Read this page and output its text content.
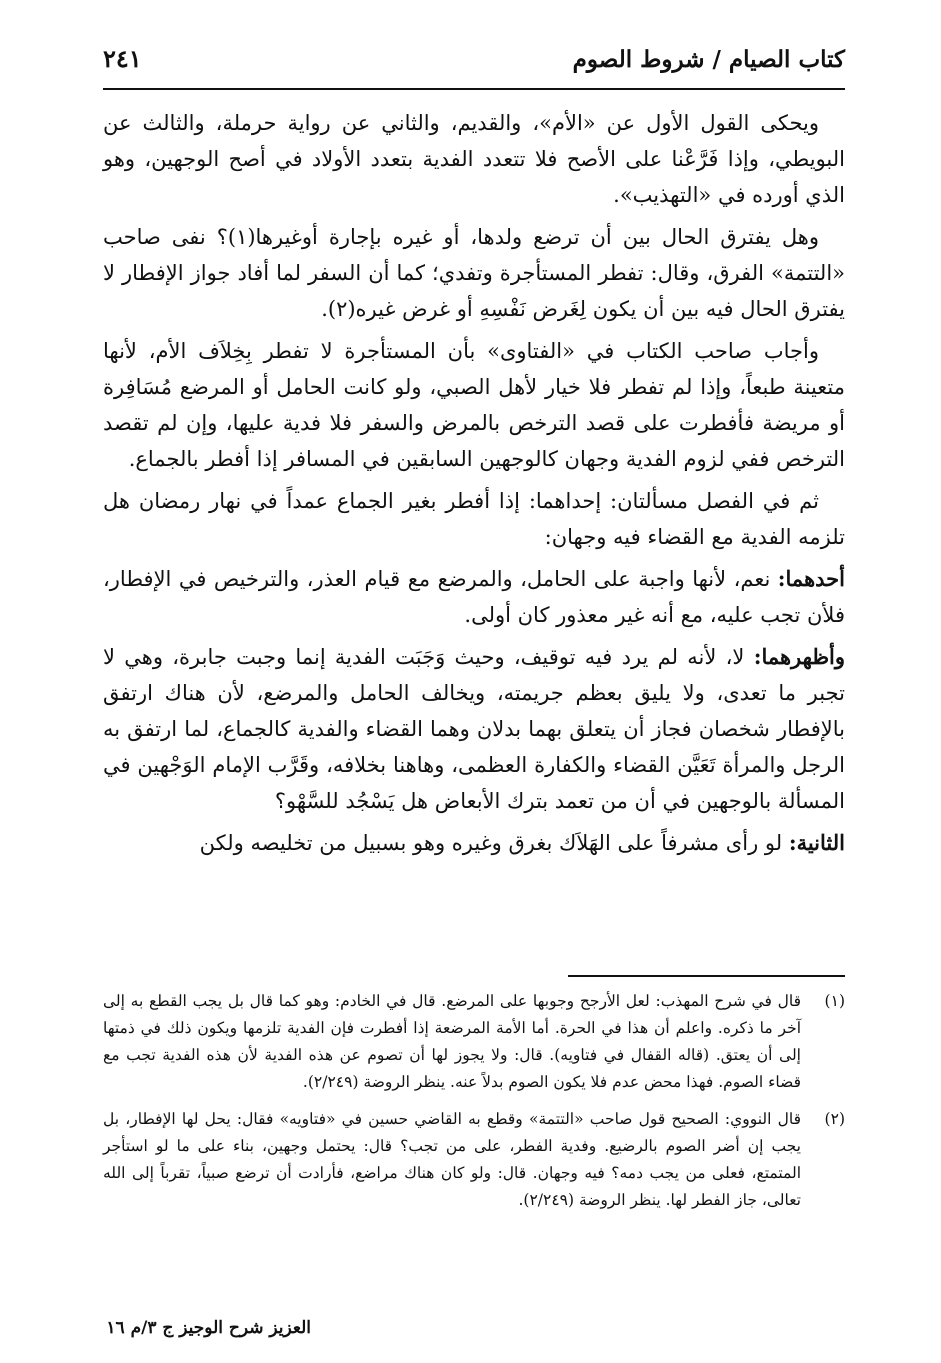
كتاب الصيام / شروط الصوم
٢٤١

ويحكى القول الأول عن «الأم»، والقديم، والثاني عن رواية حرملة، والثالث عن البويطي، وإذا فَرَّعْنا على الأصح فلا تتعدد الفدية بتعدد الأولاد في أصح الوجهين، وهو الذي أورده في «التهذيب».

وهل يفترق الحال بين أن ترضع ولدها، أو غيره بإجارة أوغيرها(١)؟ نفى صاحب «التتمة» الفرق، وقال: تفطر المستأجرة وتفدي؛ كما أن السفر لما أفاد جواز الإفطار لا يفترق الحال فيه بين أن يكون لِغَرض نَفْسِهِ أو غرض غيره(٢).

وأجاب صاحب الكتاب في «الفتاوى» بأن المستأجرة لا تفطر بِخِلاَف الأم، لأنها متعينة طبعاً، وإذا لم تفطر فلا خيار لأهل الصبي، ولو كانت الحامل أو المرضع مُسَافِرة أو مريضة فأفطرت على قصد الترخص بالمرض والسفر فلا فدية عليها، وإن لم تقصد الترخص ففي لزوم الفدية وجهان كالوجهين السابقين في المسافر إذا أفطر بالجماع.

ثم في الفصل مسألتان: إحداهما: إذا أفطر بغير الجماع عمداً في نهار رمضان هل تلزمه الفدية مع القضاء فيه وجهان:

أحدهما: نعم، لأنها واجبة على الحامل، والمرضع مع قيام العذر، والترخيص في الإفطار، فلأن تجب عليه، مع أنه غير معذور كان أولى.

وأظهرهما: لا، لأنه لم يرد فيه توقيف، وحيث وَجَبَت الفدية إنما وجبت جابرة، وهي لا تجبر ما تعدى، ولا يليق بعظم جريمته، ويخالف الحامل والمرضع، لأن هناك ارتفق بالإفطار شخصان فجاز أن يتعلق بهما بدلان وهما القضاء والفدية كالجماع، لما ارتفق به الرجل والمرأة تَعَيَّن القضاء والكفارة العظمى، وهاهنا بخلافه، وقَرَّب الإمام الوَجْهين في المسألة بالوجهين في أن من تعمد بترك الأبعاض هل يَسْجُد للسَّهْو؟

الثانية: لو رأى مشرفاً على الهَلاَك بغرق وغيره وهو بسبيل من تخليصه ولكن

(١)
قال في شرح المهذب: لعل الأرجح وجوبها على المرضع. قال في الخادم: وهو كما قال بل يجب القطع به إلى آخر ما ذكره. واعلم أن هذا في الحرة. أما الأمة المرضعة إذا أفطرت فإن الفدية تلزمها ويكون ذلك في ذمتها إلى أن يعتق. (قاله القفال في فتاويه). قال: ولا يجوز لها أن تصوم عن هذه الفدية لأن هذه الفدية تجب مع قضاء الصوم. فهذا محض عدم فلا يكون الصوم بدلاً عنه. ينظر الروضة (٢/٢٤٩).
(٢)
قال النووي: الصحيح قول صاحب «التتمة» وقطع به القاضي حسين في «فتاويه» فقال: يحل لها الإفطار، بل يجب إن أضر الصوم بالرضيع. وفدية الفطر، على من تجب؟ قال: يحتمل وجهين، بناء على ما لو استأجر المتمتع، فعلى من يجب دمه؟ فيه وجهان. قال: ولو كان هناك مراضع، فأرادت أن ترضع صبياً، تقرباً إلى الله تعالى، جاز الفطر لها. ينظر الروضة (٢/٢٤٩).
العزيز شرح الوجيز ج ٣/م ١٦
